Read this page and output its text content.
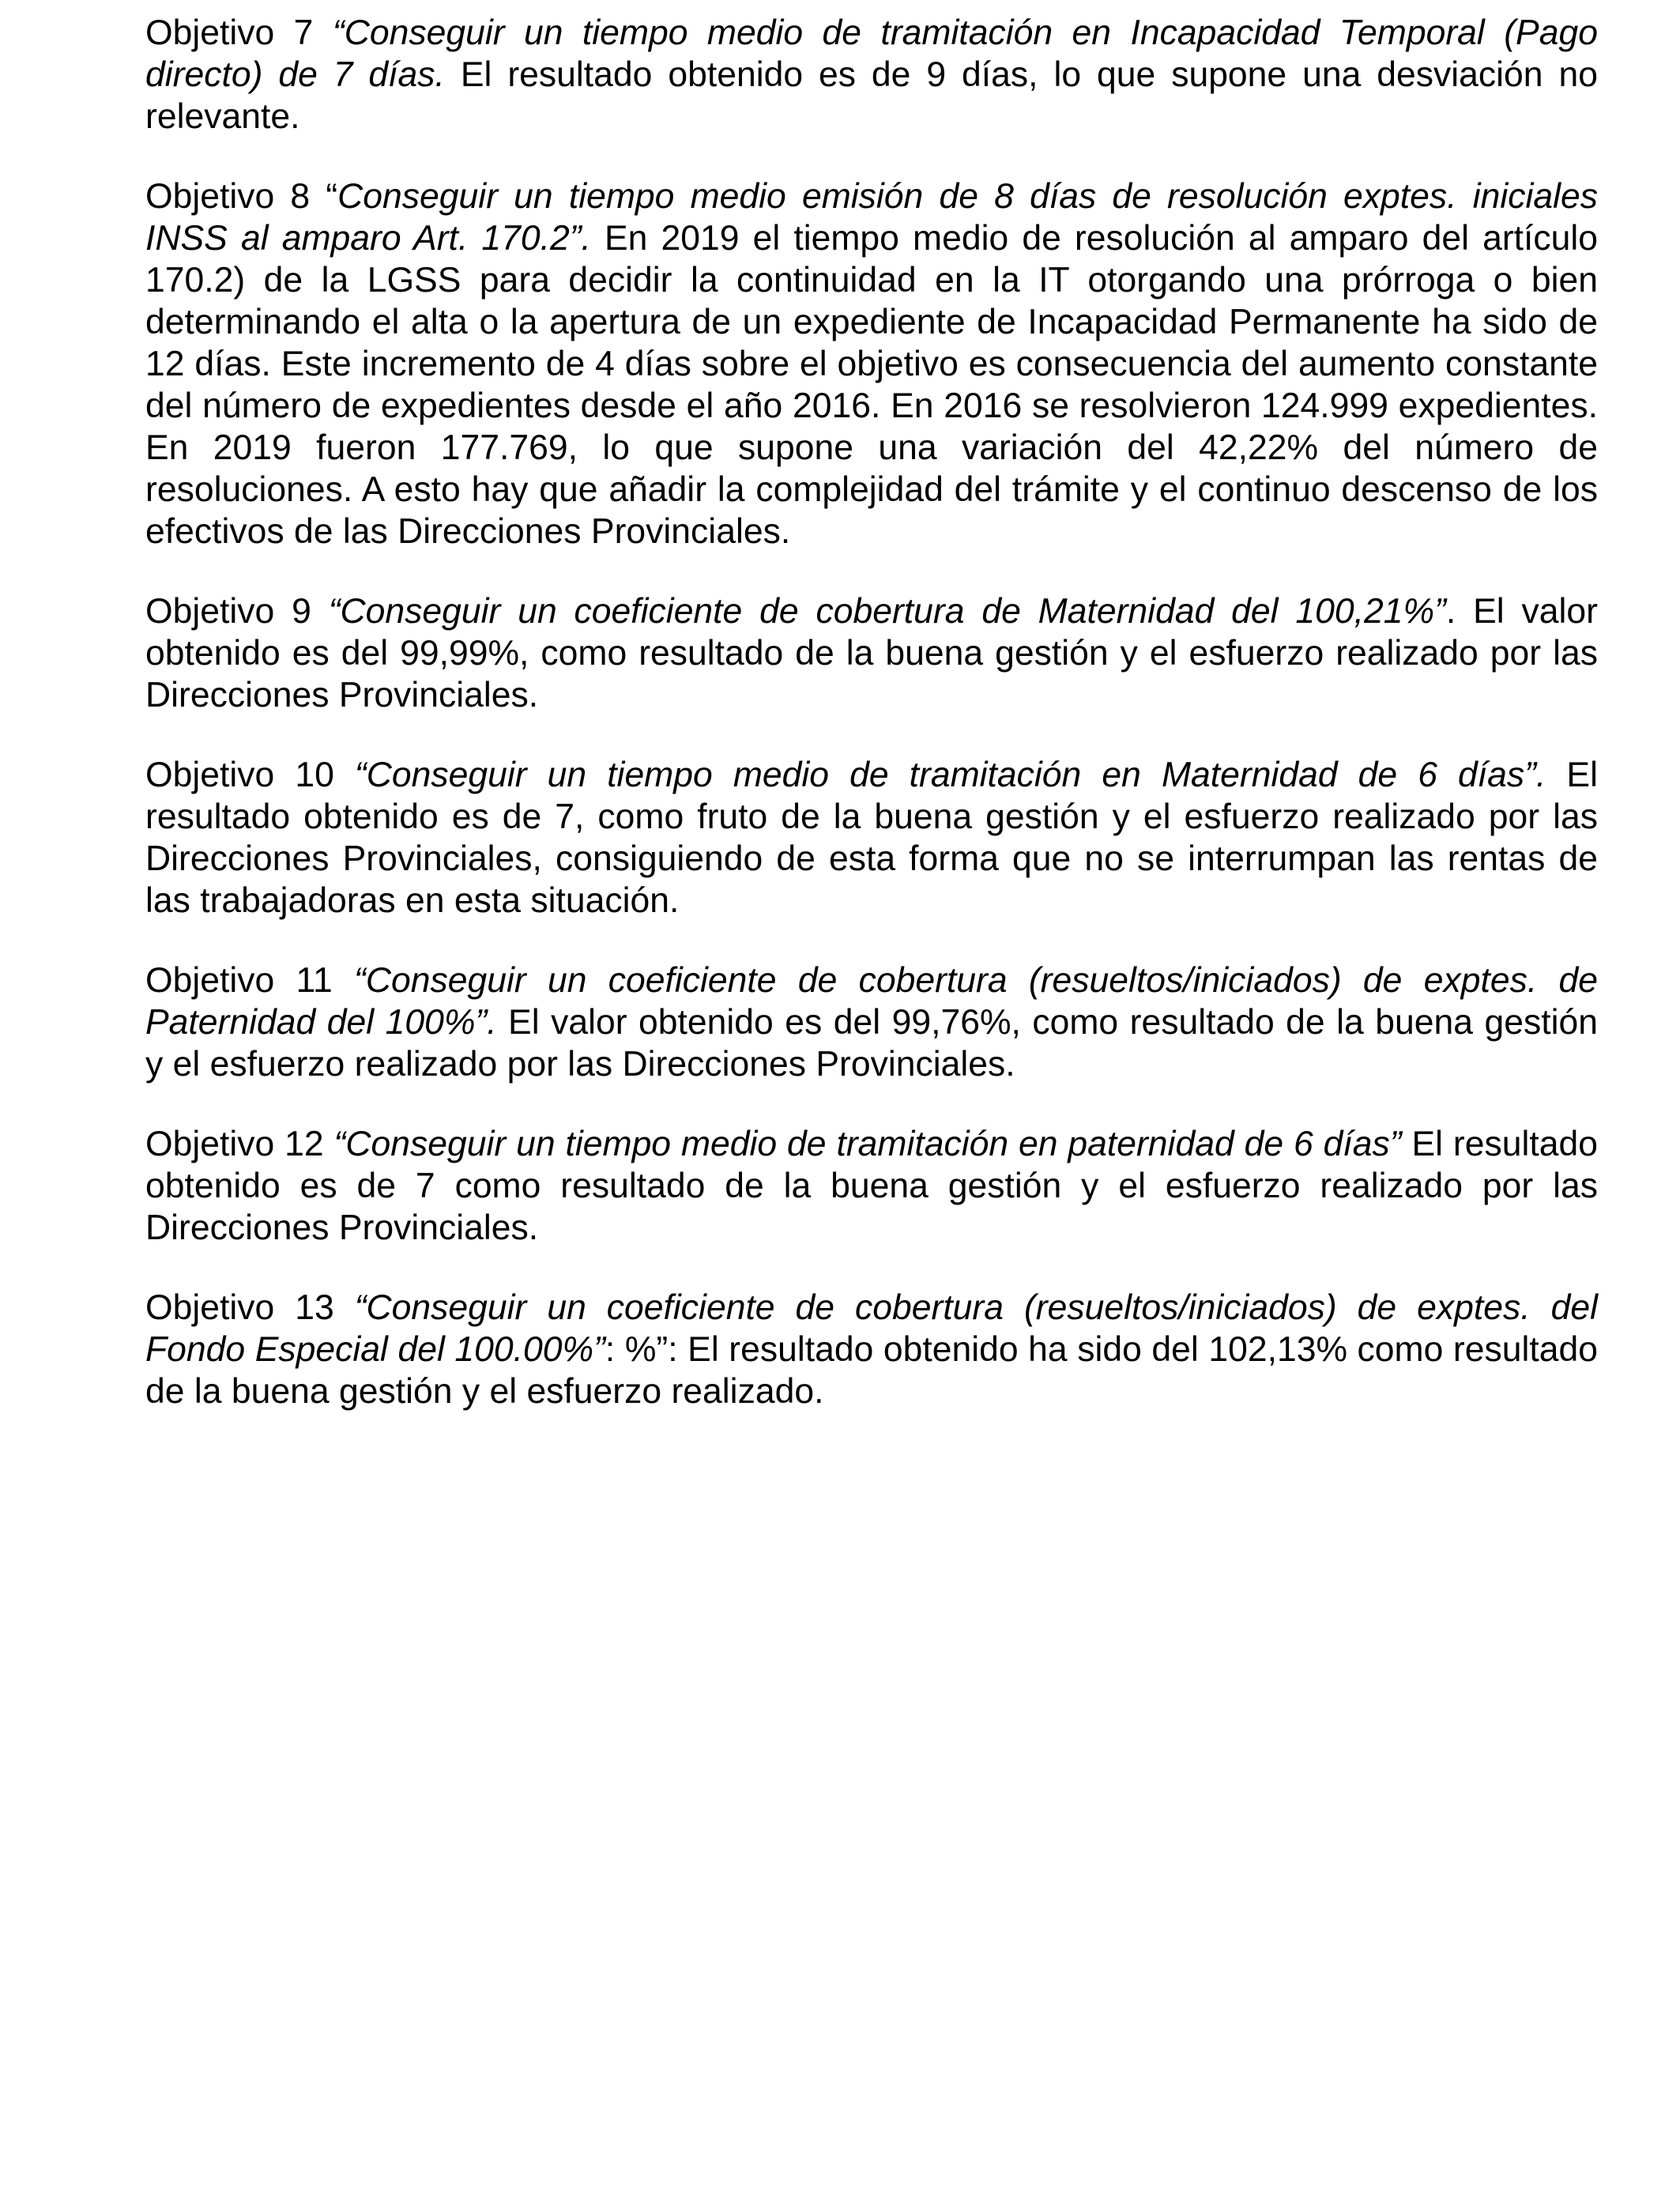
Objetivo 7 “Conseguir un tiempo medio de tramitación en Incapacidad Temporal (Pago directo) de 7 días. El resultado obtenido es de 9 días, lo que supone una desviación no relevante.

Objetivo 8 “Conseguir un tiempo medio emisión de 8 días de resolución exptes. iniciales INSS al amparo Art. 170.2”. En 2019 el tiempo medio de resolución al amparo del artículo 170.2) de la LGSS para decidir la continuidad en la IT otorgando una prórroga o bien determinando el alta o la apertura de un expediente de Incapacidad Permanente ha sido de 12 días. Este incremento de 4 días sobre el objetivo es consecuencia del aumento constante del número de expedientes desde el año 2016. En 2016 se resolvieron 124.999 expedientes. En 2019 fueron 177.769, lo que supone una variación del 42,22% del número de resoluciones. A esto hay que añadir la complejidad del trámite y el continuo descenso de los efectivos de las Direcciones Provinciales.

Objetivo 9 “Conseguir un coeficiente de cobertura de Maternidad del 100,21%”. El valor obtenido es del 99,99%, como resultado de la buena gestión y el esfuerzo realizado por las Direcciones Provinciales.

Objetivo 10 “Conseguir un tiempo medio de tramitación en Maternidad de 6 días”. El resultado obtenido es de 7, como fruto de la buena gestión y el esfuerzo realizado por las Direcciones Provinciales, consiguiendo de esta forma que no se interrumpan las rentas de las trabajadoras en esta situación.

Objetivo 11 “Conseguir un coeficiente de cobertura (resueltos/iniciados) de exptes. de Paternidad del 100%”. El valor obtenido es del 99,76%, como resultado de la buena gestión y el esfuerzo realizado por las Direcciones Provinciales.

Objetivo 12 “Conseguir un tiempo medio de tramitación en paternidad de 6 días” El resultado obtenido es de 7 como resultado de la buena gestión y el esfuerzo realizado por las Direcciones Provinciales.

Objetivo 13 “Conseguir un coeficiente de cobertura (resueltos/iniciados) de exptes. del Fondo Especial del 100.00%”: %”: El resultado obtenido ha sido del 102,13% como resultado de la buena gestión y el esfuerzo realizado.
